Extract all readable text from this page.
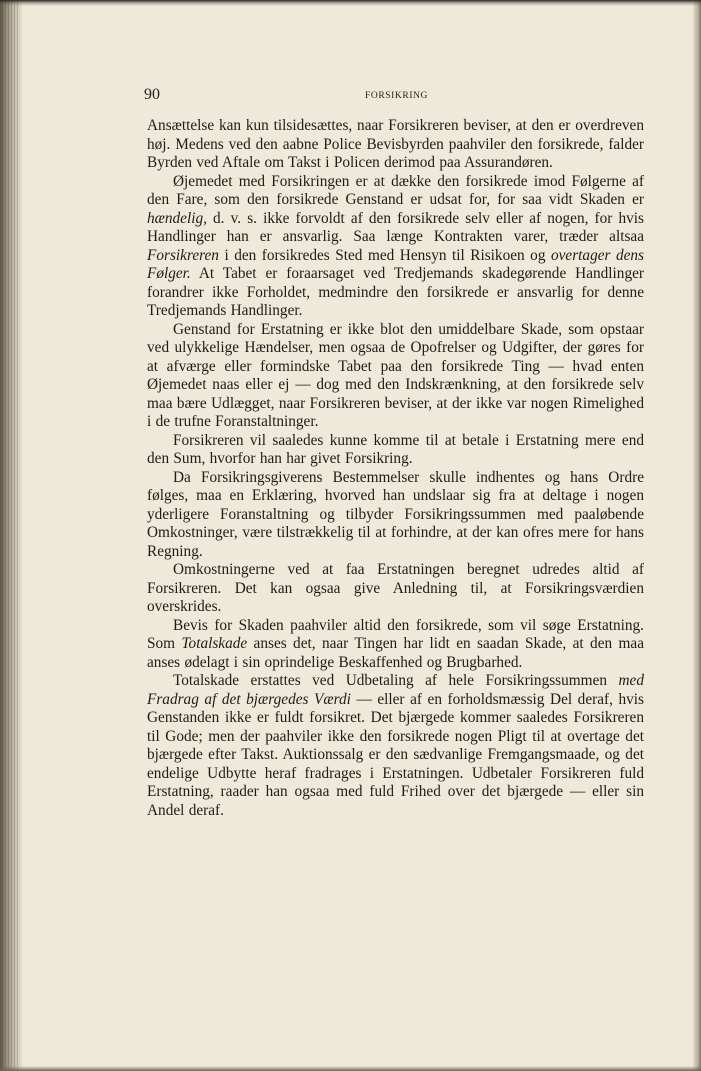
90	FORSIKRING

Ansættelse kan kun tilsidesættes, naar Forsikreren beviser, at den er overdreven høj. Medens ved den aabne Police Bevisbyrden paahviler den forsikrede, falder Byrden ved Aftale om Takst i Policen derimod paa Assurandøren.

Øjemedet med Forsikringen er at dække den forsikrede imod Følgerne af den Fare, som den forsikrede Genstand er udsat for, for saa vidt Skaden er hændelig, d. v. s. ikke forvoldt af den forsikrede selv eller af nogen, for hvis Handlinger han er ansvarlig. Saa længe Kontrakten varer, træder altsaa Forsikreren i den forsikredes Sted med Hensyn til Risikoen og overtager dens Følger. At Tabet er foraarsaget ved Tredjemands skadegørende Handlinger forandrer ikke Forholdet, medmindre den forsikrede er ansvarlig for denne Tredjemands Handlinger.

Genstand for Erstatning er ikke blot den umiddelbare Skade, som opstaar ved ulykkelige Hændelser, men ogsaa de Opofrelser og Udgifter, der gøres for at afværge eller formindske Tabet paa den forsikrede Ting — hvad enten Øjemedet naas eller ej — dog med den Indskrænkning, at den forsikrede selv maa bære Udlægget, naar Forsikreren beviser, at der ikke var nogen Rimelighed i de trufne Foranstaltninger.

Forsikreren vil saaledes kunne komme til at betale i Erstatning mere end den Sum, hvorfor han har givet Forsikring.

Da Forsikringsgiverens Bestemmelser skulle indhentes og hans Ordre følges, maa en Erklæring, hvorved han undslaar sig fra at deltage i nogen yderligere Foranstaltning og tilbyder Forsikringssummen med paaløbende Omkostninger, være tilstrækkelig til at forhindre, at der kan ofres mere for hans Regning.

Omkostningerne ved at faa Erstatningen beregnet udredes altid af Forsikreren. Det kan ogsaa give Anledning til, at Forsikringsværdien overskrides.

Bevis for Skaden paahviler altid den forsikrede, som vil søge Erstatning. Som Totalskade anses det, naar Tingen har lidt en saadan Skade, at den maa anses ødelagt i sin oprindelige Beskaffenhed og Brugbarhed.

Totalskade erstattes ved Udbetaling af hele Forsikringssummen med Fradrag af det bjærgedes Værdi — eller af en forholdsmæssig Del deraf, hvis Genstanden ikke er fuldt forsikret. Det bjærgede kommer saaledes Forsikreren til Gode; men der paahviler ikke den forsikrede nogen Pligt til at overtage det bjærgede efter Takst. Auktionssalg er den sædvanlige Fremgangsmaade, og det endelige Udbytte heraf fradrages i Erstatningen. Udbetaler Forsikreren fuld Erstatning, raader han ogsaa med fuld Frihed over det bjærgede — eller sin Andel deraf.
